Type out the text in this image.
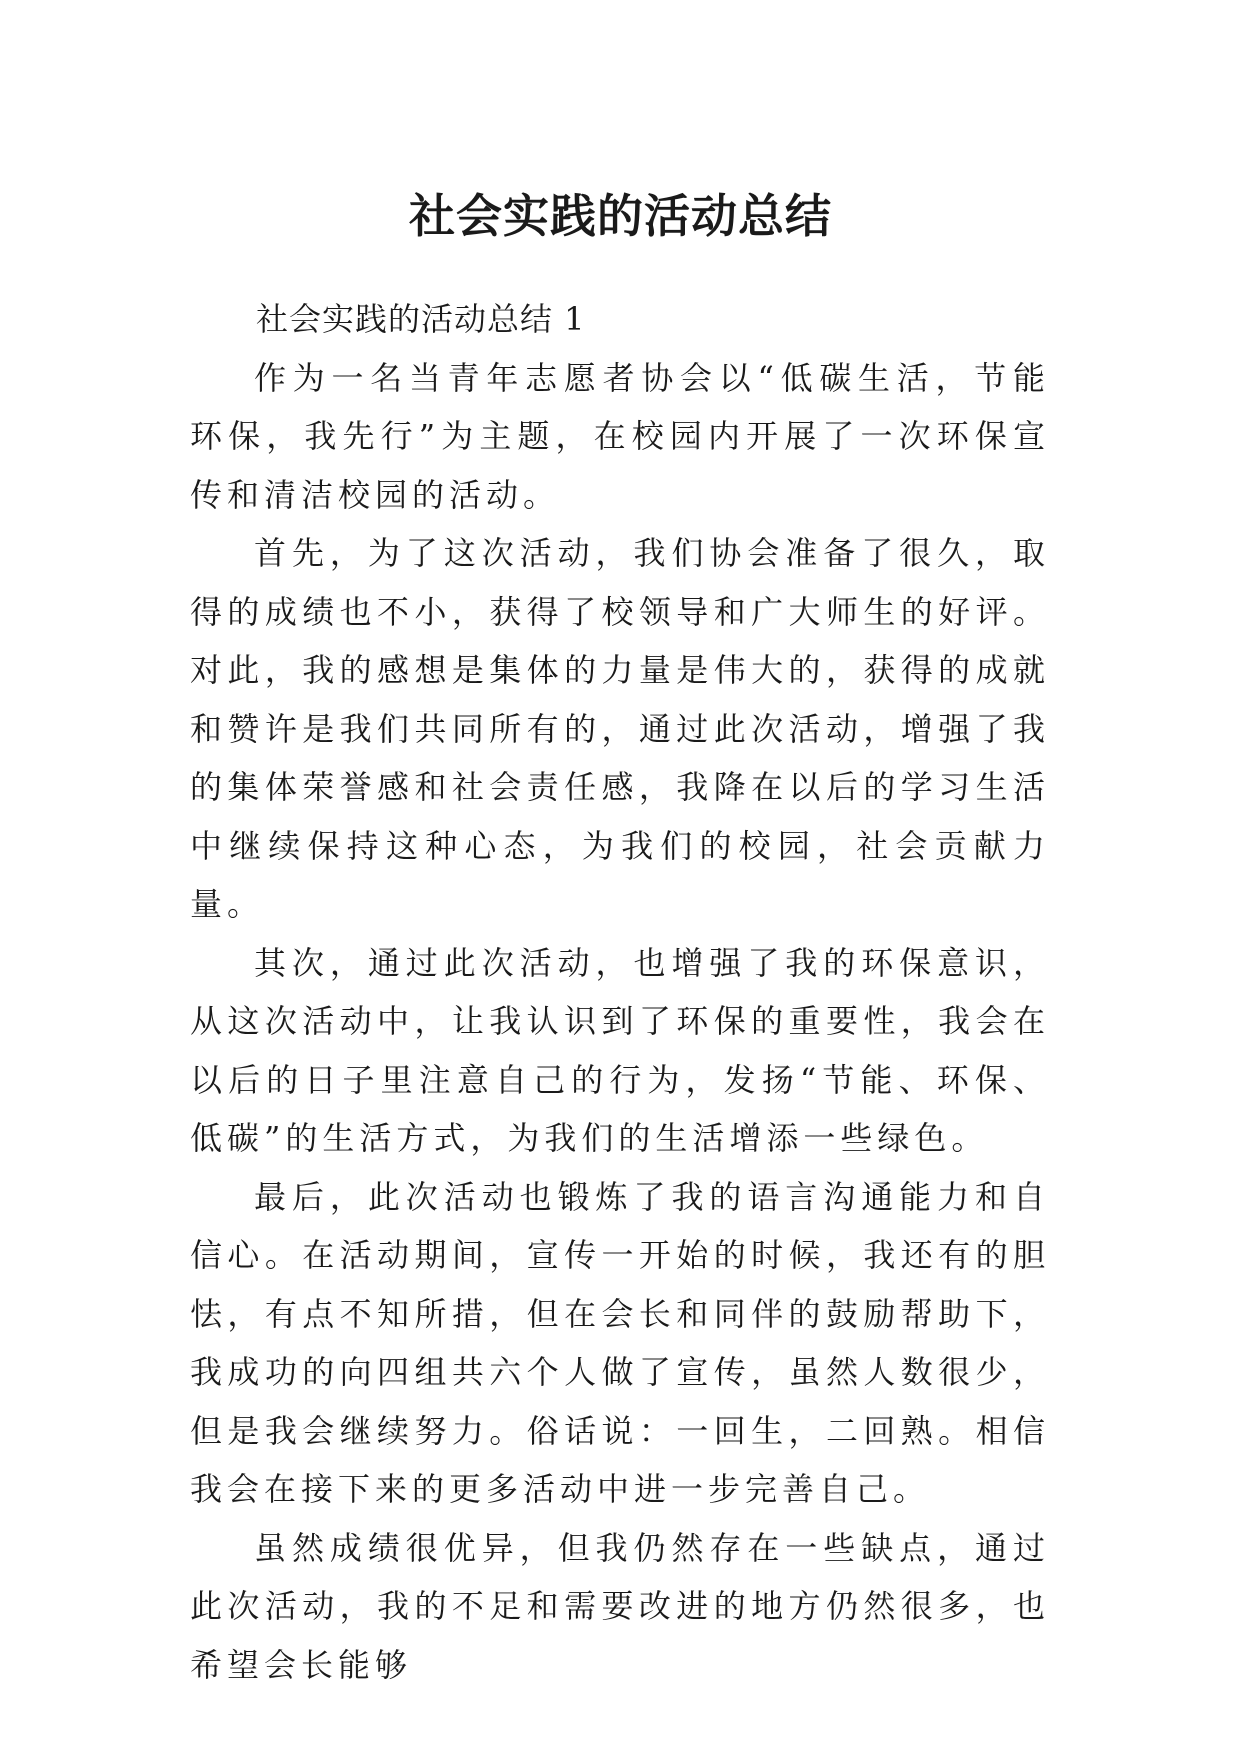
社会实践的活动总结

社会实践的活动总结 1

作为一名当青年志愿者协会以“低碳生活，节能环保，我先行”为主题，在校园内开展了一次环保宣传和清洁校园的活动。

首先，为了这次活动，我们协会准备了很久，取得的成绩也不小，获得了校领导和广大师生的好评。对此，我的感想是集体的力量是伟大的，获得的成就和赞许是我们共同所有的，通过此次活动，增强了我的集体荣誉感和社会责任感，我降在以后的学习生活中继续保持这种心态，为我们的校园，社会贡献力量。

其次，通过此次活动，也增强了我的环保意识，从这次活动中，让我认识到了环保的重要性，我会在以后的日子里注意自己的行为，发扬“节能、环保、低碳”的生活方式，为我们的生活增添一些绿色。

最后，此次活动也锻炼了我的语言沟通能力和自信心。在活动期间，宣传一开始的时候，我还有的胆怯，有点不知所措，但在会长和同伴的鼓励帮助下，我成功的向四组共六个人做了宣传，虽然人数很少，但是我会继续努力。俗话说：一回生，二回熟。相信我会在接下来的更多活动中进一步完善自己。

虽然成绩很优异，但我仍然存在一些缺点，通过此次活动，我的不足和需要改进的地方仍然很多，也希望会长能够
